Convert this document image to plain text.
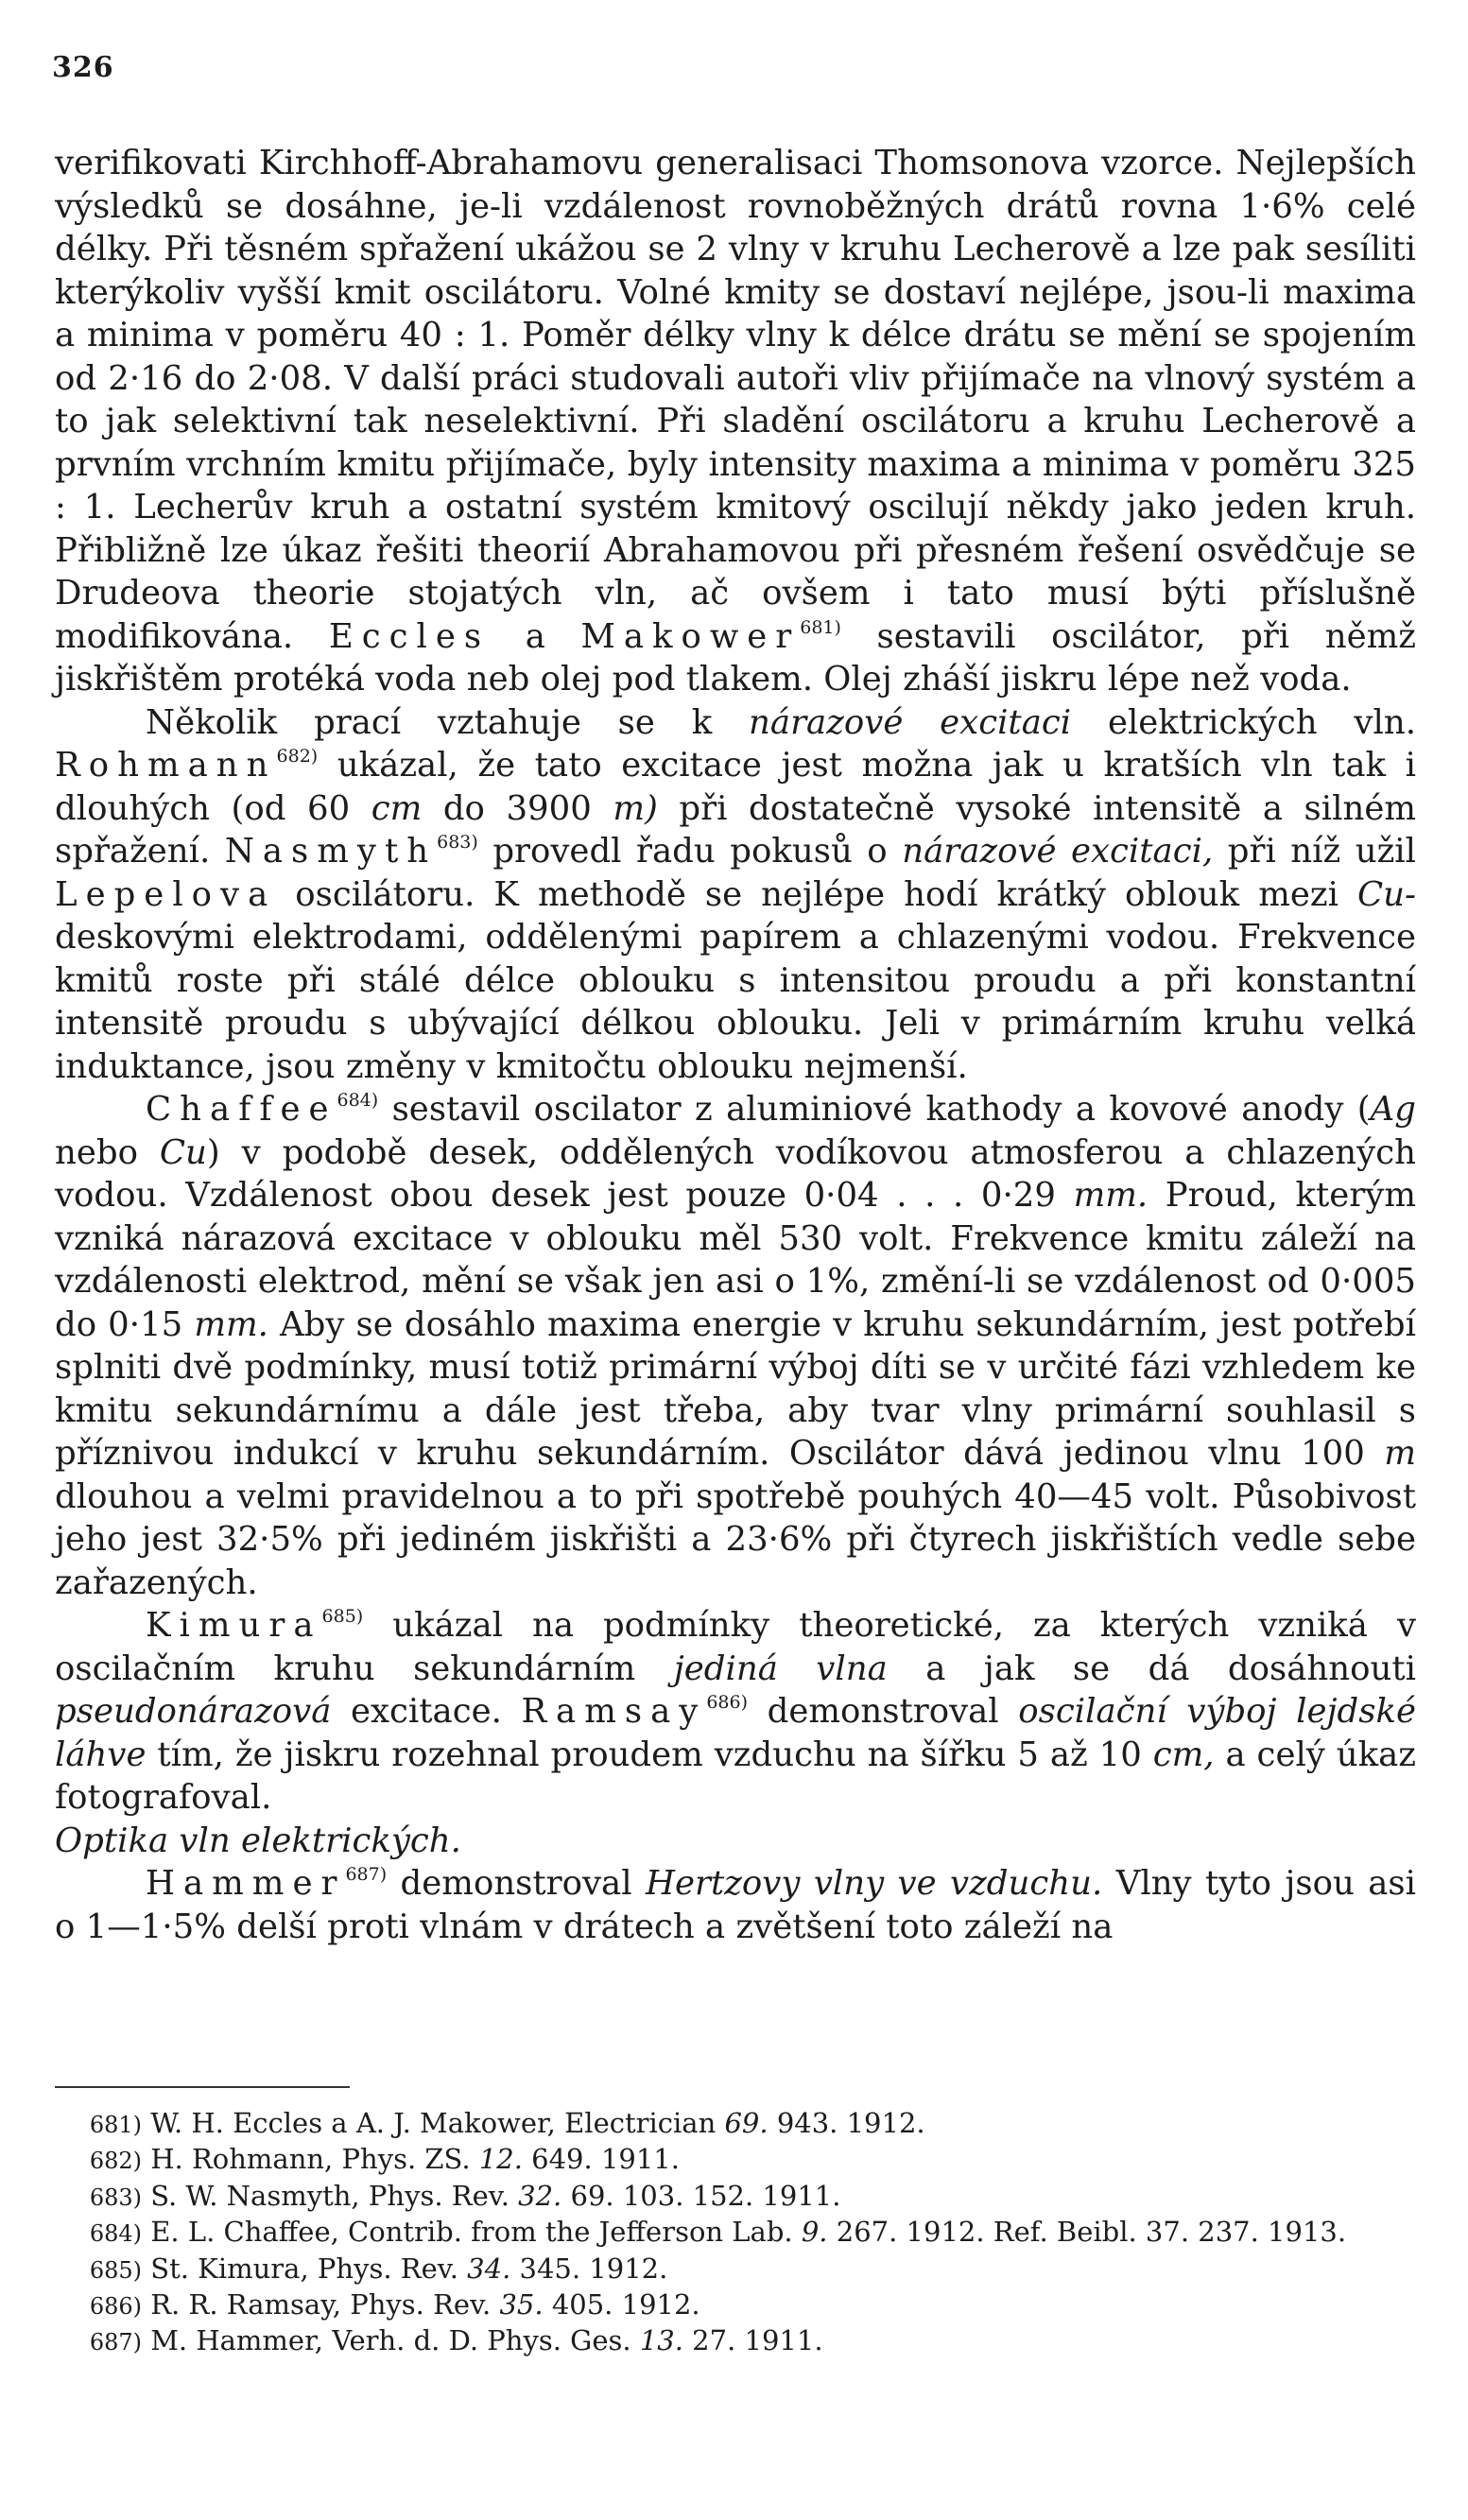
326

verifikovati Kirchhoff-Abrahamovu generalisaci Thomsonova vzorce. Nejlepších výsledků se dosáhne, je-li vzdálenost rovnoběžných drátů rovna 1·6% celé délky. Při těsném spřažení ukážou se 2 vlny v kruhu Lecherově a lze pak sesíliti kterýkoliv vyšší kmit oscilátoru. Volné kmity se dostaví nejlépe, jsou-li maxima a minima v poměru 40 : 1. Poměr délky vlny k délce drátu se mění se spojením od 2·16 do 2·08. V další práci studovali autoři vliv přijímače na vlnový systém a to jak selektivní tak neselektivní. Při sladění oscilátoru a kruhu Lecherově a prvním vrchním kmitu přijímače, byly intensity maxima a minima v poměru 325 : 1. Lecherův kruh a ostatní systém kmitový oscilují někdy jako jeden kruh. Přibližně lze úkaz řešiti theorií Abrahamovou při přesném řešení osvědčuje se Drudeova theorie stojatých vln, ač ovšem i tato musí býti příslušně modifikována. Eccles a Makower$^{681)}$ sestavili oscilátor, při němž jiskřištěm protéká voda neb olej pod tlakem. Olej zháší jiskru lépe než voda.

Několik prací vztahuje se k nárazové excitaci elektrických vln. Rohmann$^{682)}$ ukázal, že tato excitace jest možna jak u kratších vln tak i dlouhých (od 60 cm do 3900 m) při dostatečně vysoké intensitě a silném spřažení. Nasmyth$^{683)}$ provedl řadu pokusů o nárazové excitaci, při níž užil Lepelova oscilátoru. K methodě se nejlépe hodí krátký oblouk mezi Cu- deskovými elektrodami, oddělenými papírem a chlazenými vodou. Frekvence kmitů roste při stálé délce oblouku s intensitou proudu a při konstantní intensitě proudu s ubývající délkou oblouku. Jeli v primárním kruhu velká induktance, jsou změny v kmitočtu oblouku nejmenší.

Chaffee$^{684)}$ sestavil oscilator z aluminiové kathody a kovové anody (Ag nebo Cu) v podobě desek, oddělených vodíkovou atmosferou a chlazených vodou. Vzdálenost obou desek jest pouze 0·04 . . . 0·29 mm. Proud, kterým vzniká nárazová excitace v oblouku měl 530 volt. Frekvence kmitu záleží na vzdálenosti elektrod, mění se však jen asi o 1%, změní-li se vzdálenost od 0·005 do 0·15 mm. Aby se dosáhlo maxima energie v kruhu sekundárním, jest potřebí splniti dvě podmínky, musí totiž primární výboj díti se v určité fázi vzhledem ke kmitu sekundárnímu a dále jest třeba, aby tvar vlny primární souhlasil s příznivou indukcí v kruhu sekundárním. Oscilátor dává jedinou vlnu 100 m dlouhou a velmi pravidelnou a to při spotřebě pouhých 40—45 volt. Působivost jeho jest 32·5% při jediném jiskřišti a 23·6% při čtyrech jiskřištích vedle sebe zařazených.

Kimura$^{685)}$ ukázal na podmínky theoretické, za kterých vzniká v oscilačním kruhu sekundárním jediná vlna a jak se dá dosáhnouti pseudonárazová excitace. Ramsay$^{686)}$ demonstroval oscilační výboj lejdské láhve tím, že jiskru rozehnal proudem vzduchu na šířku 5 až 10 cm, a celý úkaz fotografoval.

Optika vln elektrických.

Hammer$^{687)}$ demonstroval Hertzovy vlny ve vzduchu. Vlny tyto jsou asi o 1—1·5% delší proti vlnám v drátech a zvětšení toto záleží na

681) W. H. Eccles a A. J. Makower, Electrician 69. 943. 1912.
682) H. Rohmann, Phys. ZS. 12. 649. 1911.
683) S. W. Nasmyth, Phys. Rev. 32. 69. 103. 152. 1911.
684) E. L. Chaffee, Contrib. from the Jefferson Lab. 9. 267. 1912. Ref. Beibl. 37. 237. 1913.
685) St. Kimura, Phys. Rev. 34. 345. 1912.
686) R. R. Ramsay, Phys. Rev. 35. 405. 1912.
687) M. Hammer, Verh. d. D. Phys. Ges. 13. 27. 1911.
